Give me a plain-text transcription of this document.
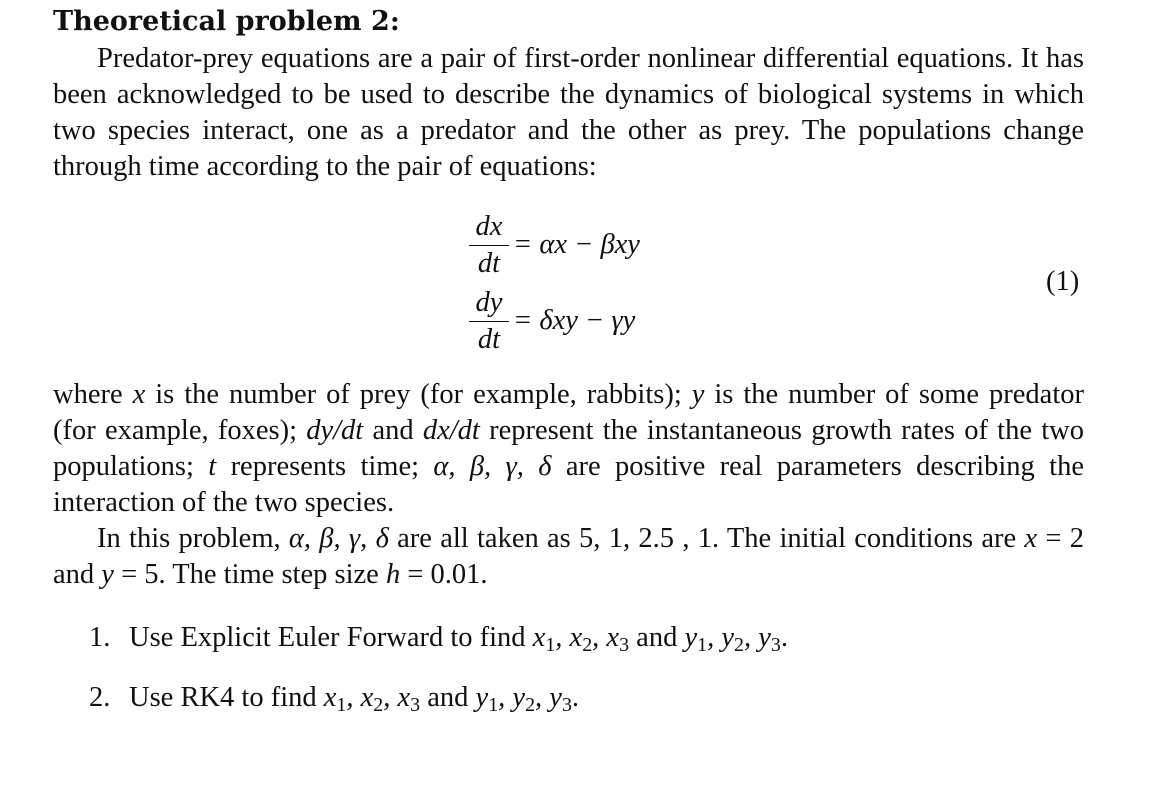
Theoretical problem 2:
Predator-prey equations are a pair of first-order nonlinear differential equations. It has been acknowledged to be used to describe the dynamics of biological systems in which two species interact, one as a predator and the other as prey. The populations change through time according to the pair of equations:
dx
dt
= αx − βxy
dy
dt
= δxy − γy
(1)
where x is the number of prey (for example, rabbits); y is the number of some predator (for example, foxes); dy/dt and dx/dt represent the instantaneous growth rates of the two populations; t represents time; α, β, γ, δ are positive real parameters describing the interaction of the two species.
In this problem, α, β, γ, δ are all taken as 5, 1, 2.5 , 1. The initial conditions are x = 2 and y = 5. The time step size h = 0.01.
1. Use Explicit Euler Forward to find $x_1$, $x_2$, $x_3$ and $y_1$, $y_2$, $y_3$.
2. Use RK4 to find $x_1$, $x_2$, $x_3$ and $y_1$, $y_2$, $y_3$.
